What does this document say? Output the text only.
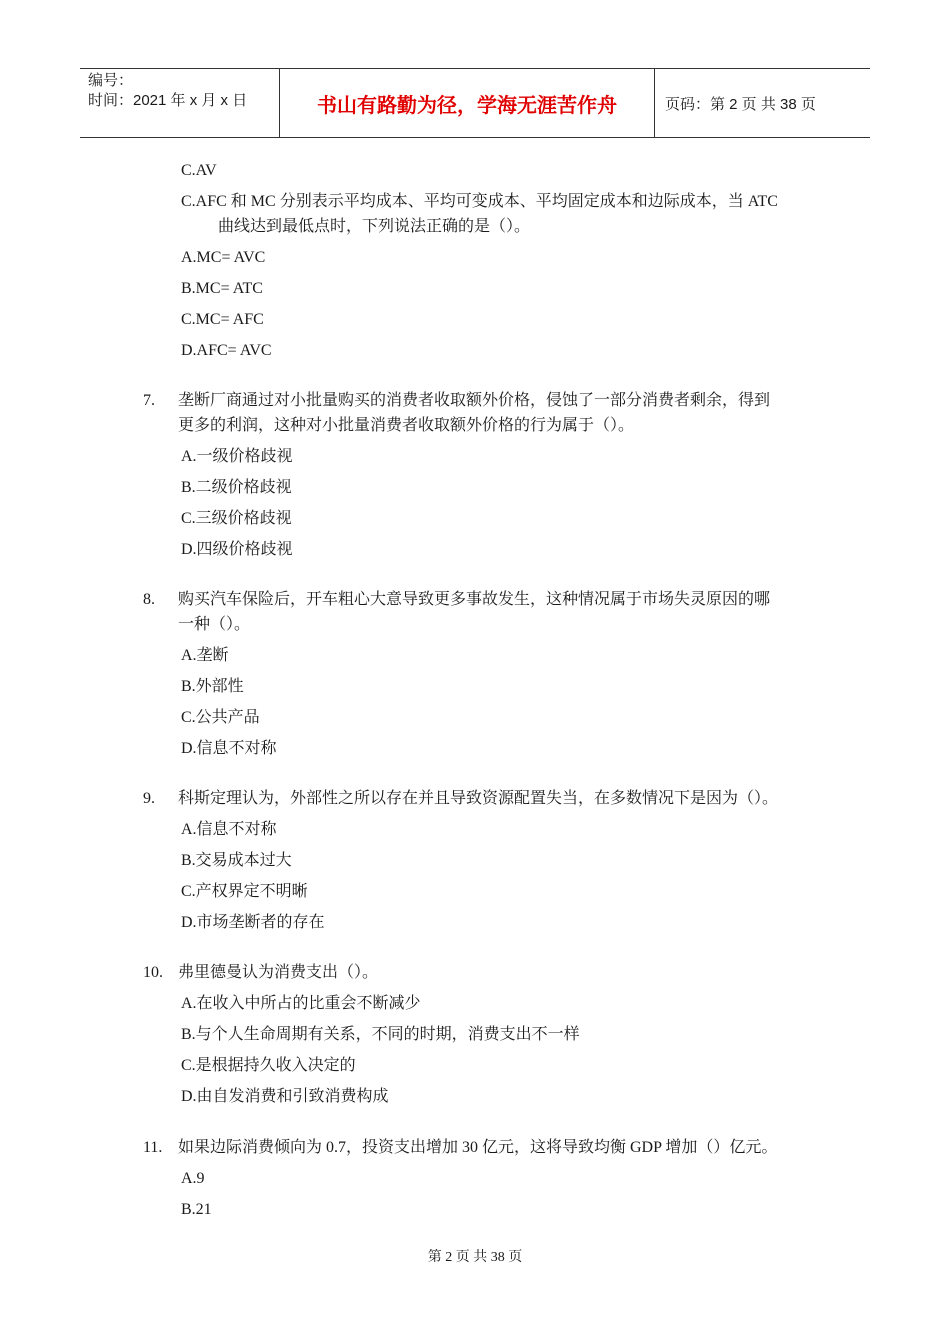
编号：
时间：2021 年 x 月 x 日	书山有路勤为径，学海无涯苦作舟	页码：第 2 页 共 38 页
C.AV
C.AFC 和 MC 分别表示平均成本、平均可变成本、平均固定成本和边际成本，当 ATC
曲线达到最低点时，下列说法正确的是（）。
A.MC= AVC
B.MC= ATC
C.MC= AFC
D.AFC= AVC
7. 垄断厂商通过对小批量购买的消费者收取额外价格，侵蚀了一部分消费者剩余，得到
更多的利润，这种对小批量消费者收取额外价格的行为属于（）。
A.一级价格歧视
B.二级价格歧视
C.三级价格歧视
D.四级价格歧视
8. 购买汽车保险后，开车粗心大意导致更多事故发生，这种情况属于市场失灵原因的哪
一种（）。
A.垄断
B.外部性
C.公共产品
D.信息不对称
9. 科斯定理认为，外部性之所以存在并且导致资源配置失当，在多数情况下是因为（）。
A.信息不对称
B.交易成本过大
C.产权界定不明晰
D.市场垄断者的存在
10. 弗里德曼认为消费支出（）。
A.在收入中所占的比重会不断减少
B.与个人生命周期有关系，不同的时期，消费支出不一样
C.是根据持久收入决定的
D.由自发消费和引致消费构成
11. 如果边际消费倾向为 0.7，投资支出增加 30 亿元，这将导致均衡 GDP 增加（）亿元。
A.9
B.21
第 2 页 共 38 页
